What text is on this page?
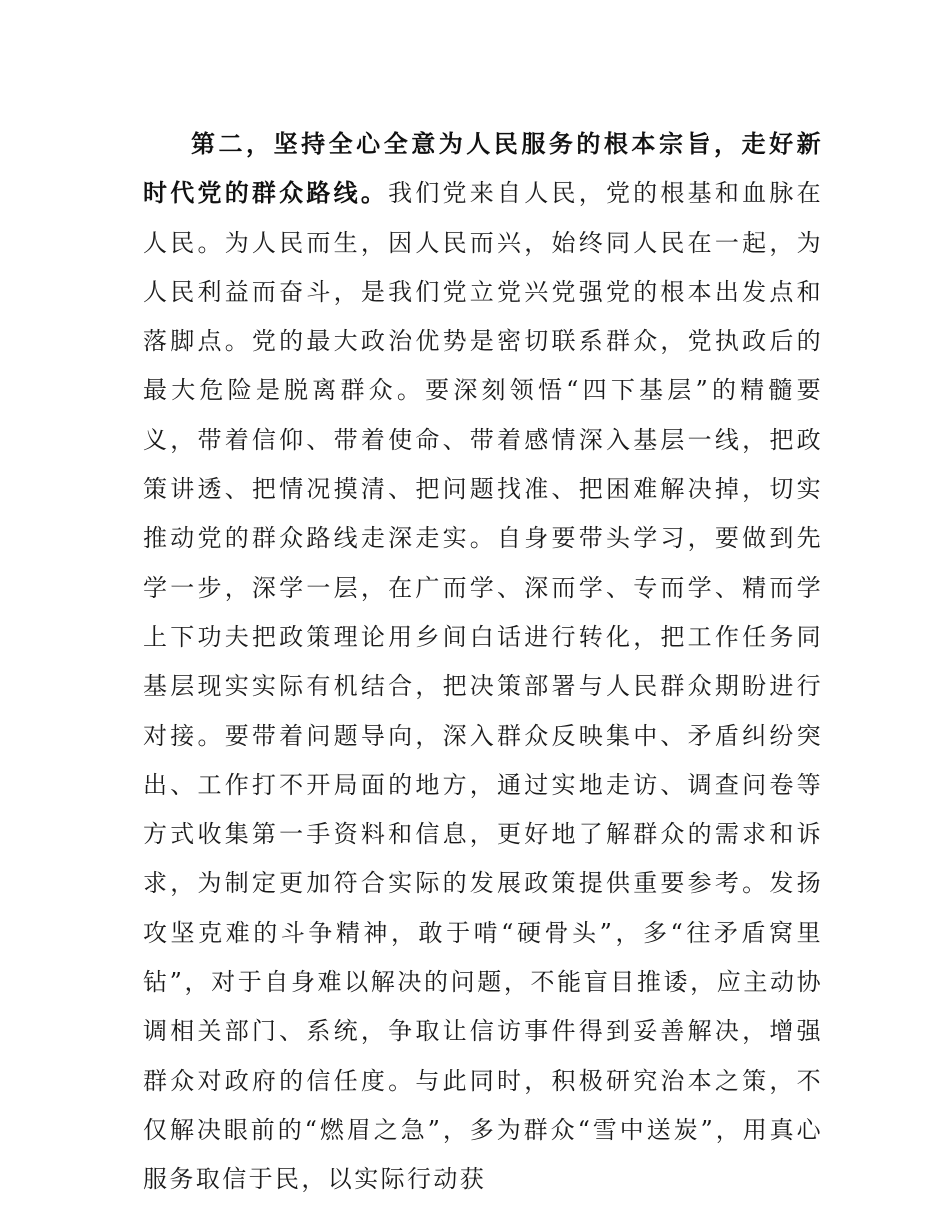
第二，坚持全心全意为人民服务的根本宗旨，走好新时代党的群众路线。我们党来自人民，党的根基和血脉在人民。为人民而生，因人民而兴，始终同人民在一起，为人民利益而奋斗，是我们党立党兴党强党的根本出发点和落脚点。党的最大政治优势是密切联系群众，党执政后的最大危险是脱离群众。要深刻领悟“四下基层”的精髓要义，带着信仰、带着使命、带着感情深入基层一线，把政策讲透、把情况摸清、把问题找准、把困难解决掉，切实推动党的群众路线走深走实。自身要带头学习，要做到先学一步，深学一层，在广而学、深而学、专而学、精而学上下功夫把政策理论用乡间白话进行转化，把工作任务同基层现实实际有机结合，把决策部署与人民群众期盼进行对接。要带着问题导向，深入群众反映集中、矛盾纠纷突出、工作打不开局面的地方，通过实地走访、调查问卷等方式收集第一手资料和信息，更好地了解群众的需求和诉求，为制定更加符合实际的发展政策提供重要参考。发扬攻坚克难的斗争精神，敢于啃“硬骨头”，多“往矛盾窝里钻”，对于自身难以解决的问题，不能盲目推诿，应主动协调相关部门、系统，争取让信访事件得到妥善解决，增强群众对政府的信任度。与此同时，积极研究治本之策，不仅解决眼前的“燃眉之急”，多为群众“雪中送炭”，用真心服务取信于民，以实际行动获
